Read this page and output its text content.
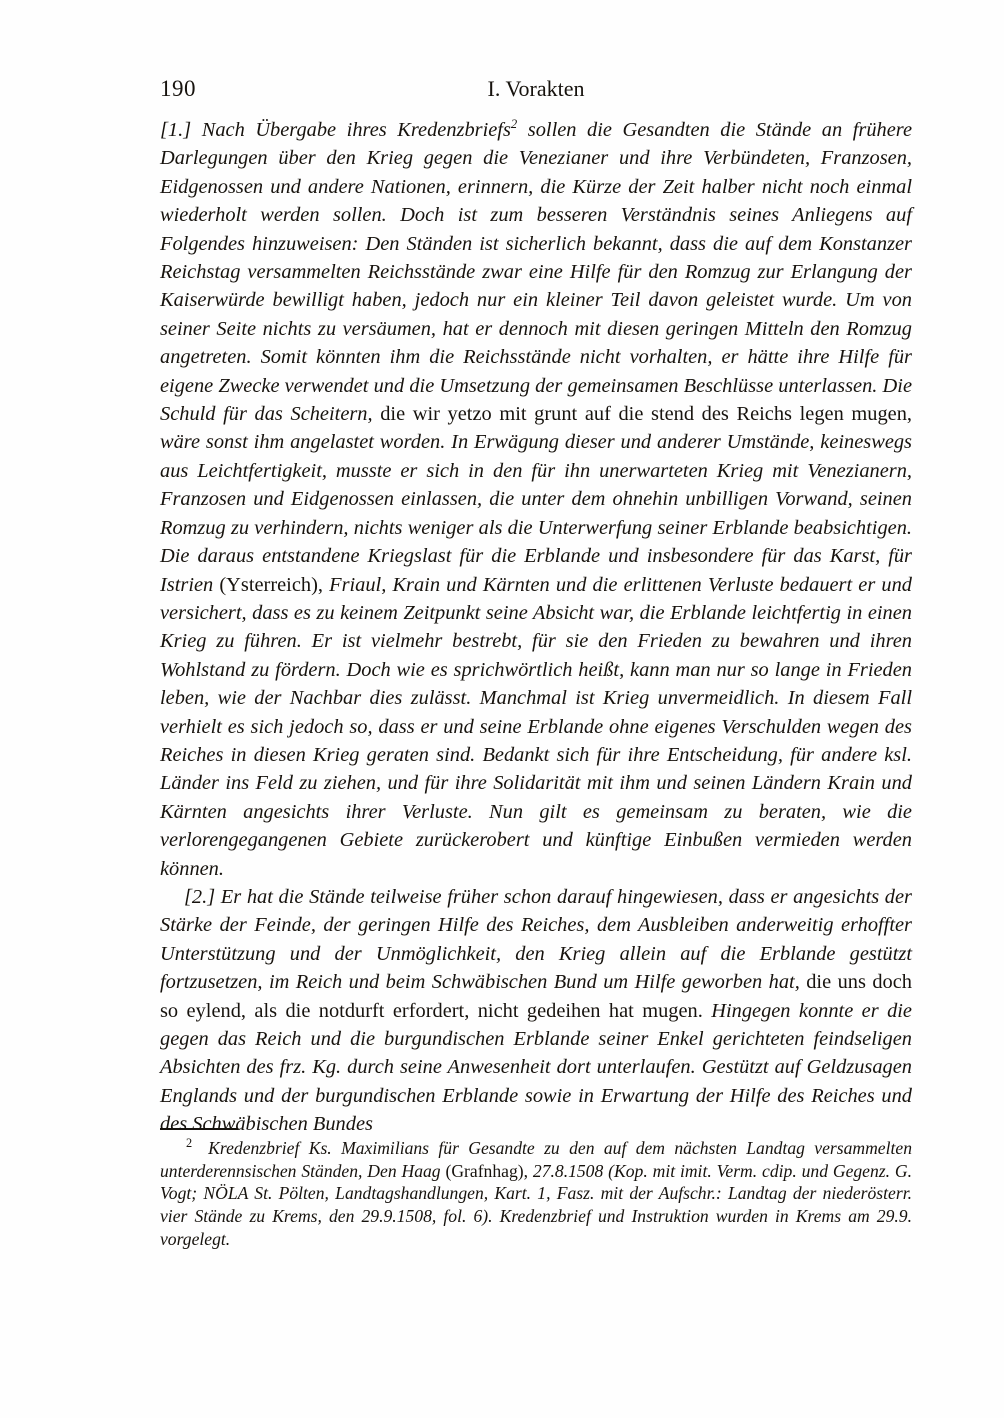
190	I. Vorakten

[1.] Nach Übergabe ihres Kredenzbriefs$^2$ sollen die Gesandten die Stände an frühere Darlegungen über den Krieg gegen die Venezianer und ihre Verbündeten, Franzosen, Eidgenossen und andere Nationen, erinnern, die Kürze der Zeit halber nicht noch einmal wiederholt werden sollen. Doch ist zum besseren Verständnis seines Anliegens auf Folgendes hinzuweisen: Den Ständen ist sicherlich bekannt, dass die auf dem Konstanzer Reichstag versammelten Reichsstände zwar eine Hilfe für den Romzug zur Erlangung der Kaiserwürde bewilligt haben, jedoch nur ein kleiner Teil davon geleistet wurde. Um von seiner Seite nichts zu versäumen, hat er dennoch mit diesen geringen Mitteln den Romzug angetreten. Somit könnten ihm die Reichsstände nicht vorhalten, er hätte ihre Hilfe für eigene Zwecke verwendet und die Umsetzung der gemeinsamen Beschlüsse unterlassen. Die Schuld für das Scheitern, die wir yetzo mit grunt auf die stend des Reichs legen mugen, wäre sonst ihm angelastet worden. In Erwägung dieser und anderer Umstände, keineswegs aus Leichtfertigkeit, musste er sich in den für ihn unerwarteten Krieg mit Venezianern, Franzosen und Eidgenossen einlassen, die unter dem ohnehin unbilligen Vorwand, seinen Romzug zu verhindern, nichts weniger als die Unterwerfung seiner Erblande beabsichtigen. Die daraus entstandene Kriegslast für die Erblande und insbesondere für das Karst, für Istrien (Ysterreich), Friaul, Krain und Kärnten und die erlittenen Verluste bedauert er und versichert, dass es zu keinem Zeitpunkt seine Absicht war, die Erblande leichtfertig in einen Krieg zu führen. Er ist vielmehr bestrebt, für sie den Frieden zu bewahren und ihren Wohlstand zu fördern. Doch wie es sprichwörtlich heißt, kann man nur so lange in Frieden leben, wie der Nachbar dies zulässt. Manchmal ist Krieg unvermeidlich. In diesem Fall verhielt es sich jedoch so, dass er und seine Erblande ohne eigenes Verschulden wegen des Reiches in diesen Krieg geraten sind. Bedankt sich für ihre Entscheidung, für andere ksl. Länder ins Feld zu ziehen, und für ihre Solidarität mit ihm und seinen Ländern Krain und Kärnten angesichts ihrer Verluste. Nun gilt es gemeinsam zu beraten, wie die verlorengegangenen Gebiete zurückerobert und künftige Einbußen vermieden werden können.

[2.] Er hat die Stände teilweise früher schon darauf hingewiesen, dass er angesichts der Stärke der Feinde, der geringen Hilfe des Reiches, dem Ausbleiben anderweitig erhoffter Unterstützung und der Unmöglichkeit, den Krieg allein auf die Erblande gestützt fortzusetzen, im Reich und beim Schwäbischen Bund um Hilfe geworben hat, die uns doch so eylend, als die notdurft erfordert, nicht gedeihen hat mugen. Hingegen konnte er die gegen das Reich und die burgundischen Erblande seiner Enkel gerichteten feindseligen Absichten des frz. Kg. durch seine Anwesenheit dort unterlaufen. Gestützt auf Geldzusagen Englands und der burgundischen Erblande sowie in Erwartung der Hilfe des Reiches und des Schwäbischen Bundes

$^2$ Kredenzbrief Ks. Maximilians für Gesandte zu den auf dem nächsten Landtag versammelten unterderennsischen Ständen, Den Haag (Grafnhag), 27.8.1508 (Kop. mit imit. Verm. cdip. und Gegenz. G. Vogt; NÖLA St. Pölten, Landtagshandlungen, Kart. 1, Fasz. mit der Aufschr.: Landtag der niederösterr. vier Stände zu Krems, den 29.9.1508, fol. 6). Kredenzbrief und Instruktion wurden in Krems am 29.9. vorgelegt.
